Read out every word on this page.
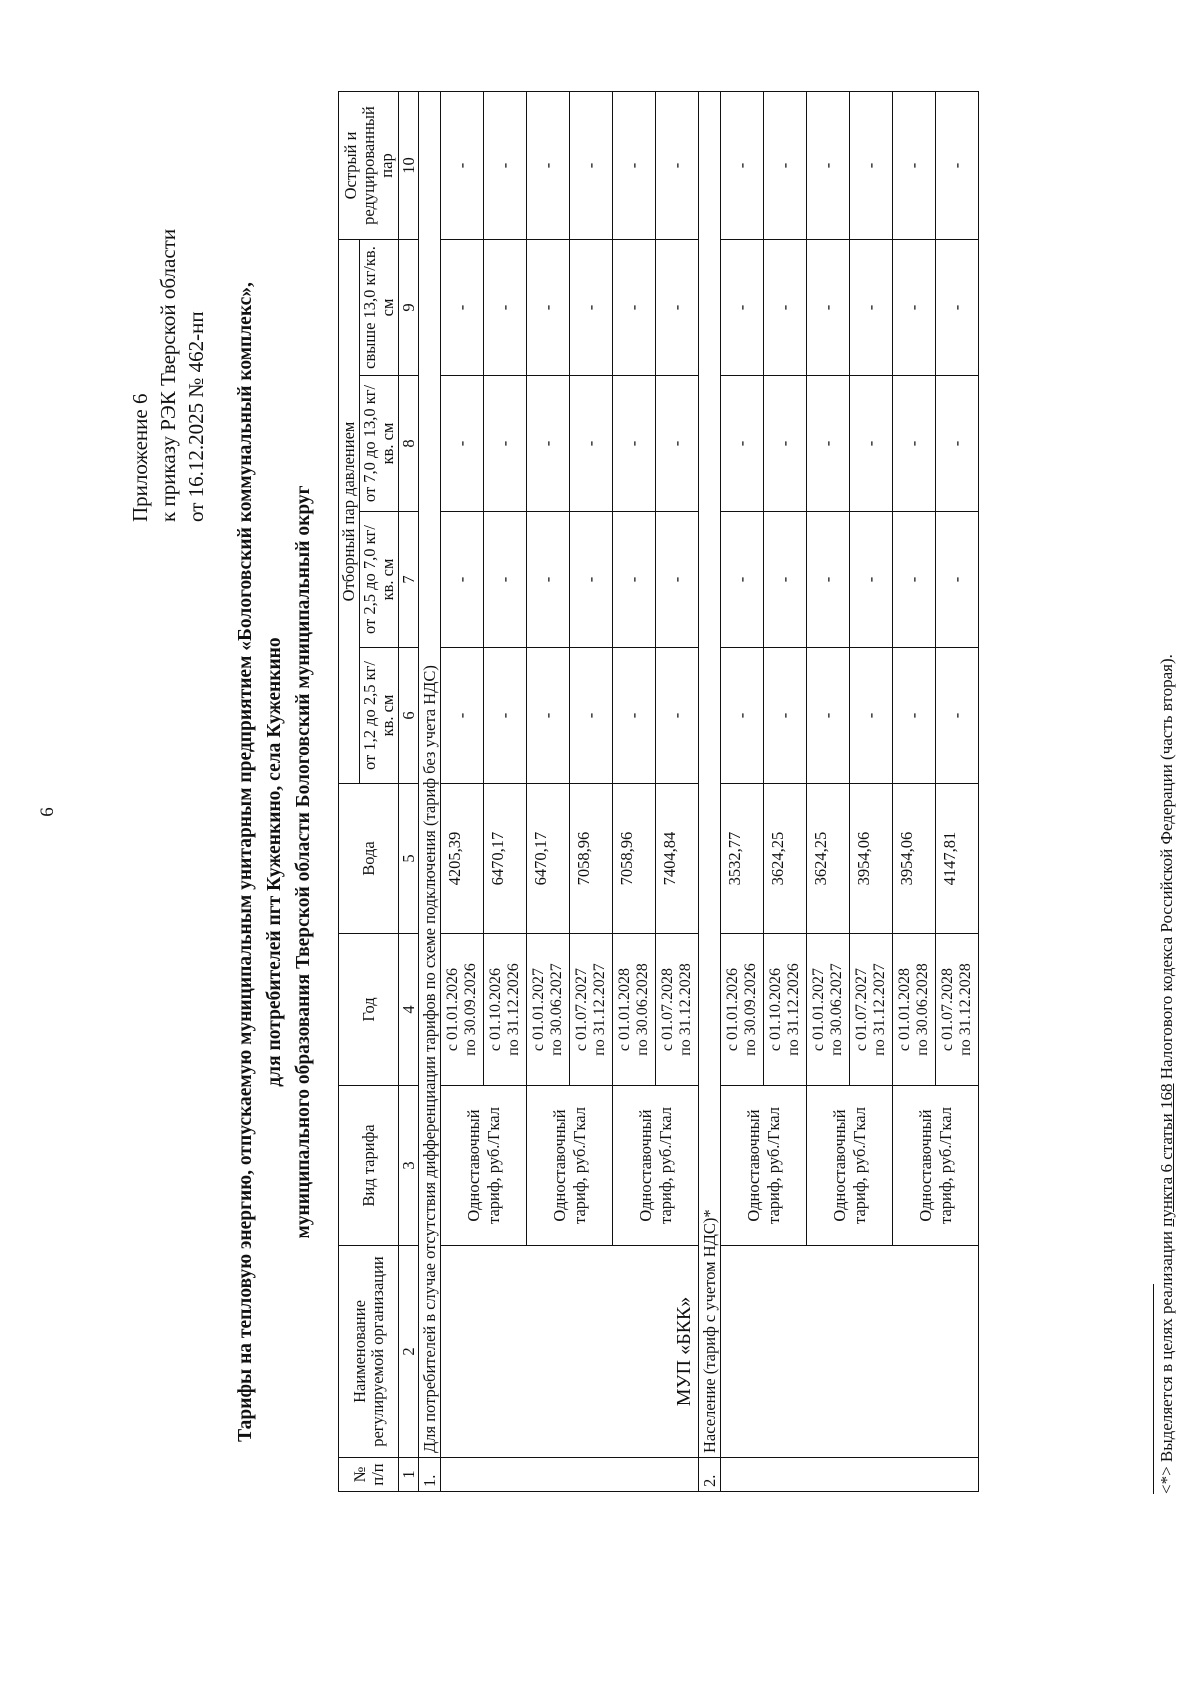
6
Приложение 6 к приказу РЭК Тверской области от 16.12.2025 № 462-нп Тарифы на тепловую энергию, отпускаемую муниципальным унитарным предприятием «Бологовский коммунальный комплекс», для потребителей пгт Куженкино, села Куженкино муниципального образования Тверской области Бологовский муниципальный округ
№ п/п	Наименование регулируемой организации	Вид тарифа	Год	Вода	Отборный пар давлением				Острый и редуцированный пар
					от 1,2 до 2,5 кг/кв. см	от 2,5 до 7,0 кг/кв. см	от 7,0 до 13,0 кг/кв. см	свыше 13,0 кг/кв. см	
1	2	3	4	5	6	7	8	9	10
1.	Для потребителей в случае отсутствия дифференциации тарифов по схеме подключения (тариф без учета НДС)								

	МУП «БКК»	Одноставочный тариф, руб./Гкал	с 01.01.2026 по 30.09.2026	4205,39	-	-	-	-	-

			с 01.10.2026 по 31.12.2026	6470,17	-	-	-	-	-
		Одноставочный тариф, руб./Гкал	с 01.01.2027 по 30.06.2027	6470,17	-	-	-	-	-

			с 01.07.2027 по 31.12.2027	7058,96	-	-	-	-	-
		Одноставочный тариф, руб./Гкал	с 01.01.2028 по 30.06.2028	7058,96	-	-	-	-	-

			с 01.07.2028 по 31.12.2028	7404,84	-	-	-	-	-
2.	Население (тариф с учетом НДС)*								
		Одноставочный тариф, руб./Гкал	с 01.01.2026 по 30.09.2026	3532,77	-	-	-	-	-

			с 01.10.2026 по 31.12.2026	3624,25	-	-	-	-	-
		Одноставочный тариф, руб./Гкал	с 01.01.2027 по 30.06.2027	3624,25	-	-	-	-	-

			с 01.07.2027 по 31.12.2027	3954,06	-	-	-	-	-
		Одноставочный тариф, руб./Гкал	с 01.01.2028 по 30.06.2028	3954,06	-	-	-	-	-

			с 01.07.2028 по 31.12.2028	4147,81	-	-	-	-	-
<*> Выделяется в целях реализации пункта 6 статьи 168 Налогового кодекса Российской Федерации (часть вторая).
